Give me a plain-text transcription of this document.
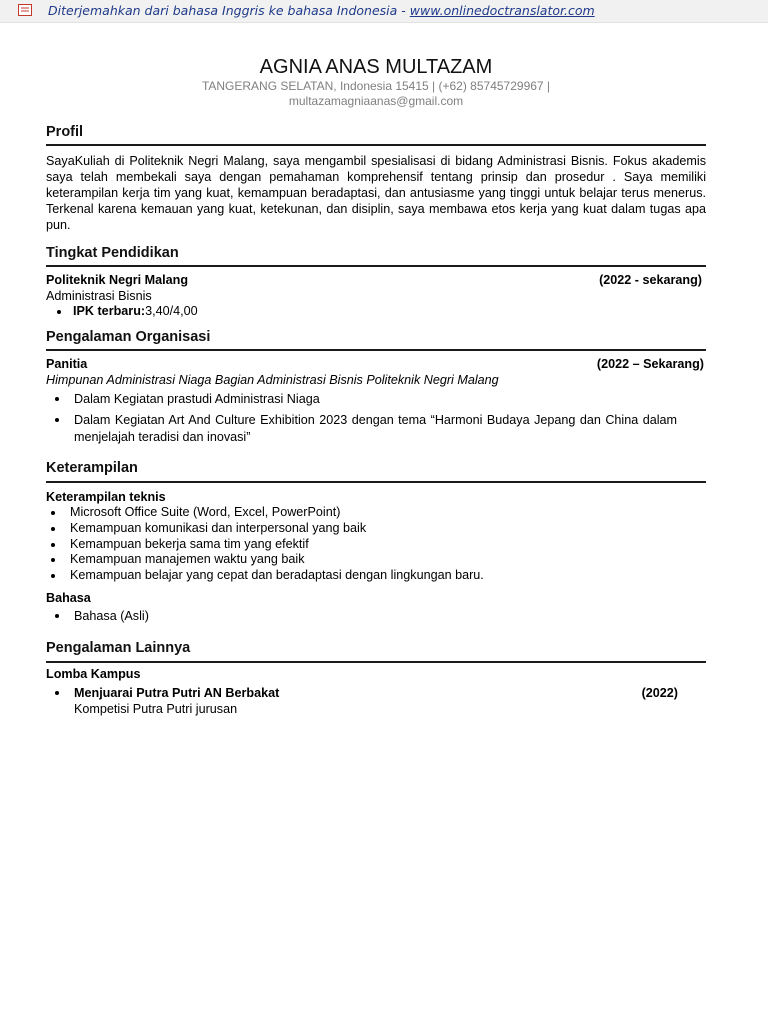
Diterjemahkan dari bahasa Inggris ke bahasa Indonesia - www.onlinedoctranslator.com
AGNIA ANAS MULTAZAM
TANGERANG SELATAN, Indonesia 15415 | (+62) 85745729967 |
multazamagniaanas@gmail.com
Profil
SayaKuliah di Politeknik Negri Malang, saya mengambil spesialisasi di bidang Administrasi Bisnis. Fokus akademis saya telah membekali saya dengan pemahaman komprehensif tentang prinsip dan prosedur . Saya memiliki keterampilan kerja tim yang kuat, kemampuan beradaptasi, dan antusiasme yang tinggi untuk belajar terus menerus. Terkenal karena kemauan yang kuat, ketekunan, dan disiplin, saya membawa etos kerja yang kuat dalam tugas apa pun.
Tingkat Pendidikan
Politeknik Negri Malang	(2022 - sekarang)
Administrasi Bisnis
IPK terbaru:3,40/4,00
Pengalaman Organisasi
Panitia	(2022 – Sekarang)
Himpunan Administrasi Niaga Bagian Administrasi Bisnis Politeknik Negri Malang
Dalam Kegiatan prastudi Administrasi Niaga
Dalam Kegiatan Art And Culture Exhibition 2023 dengan tema “Harmoni Budaya Jepang dan China dalam menjelajah teradisi dan inovasi”
Keterampilan
Keterampilan teknis
Microsoft Office Suite (Word, Excel, PowerPoint)
Kemampuan komunikasi dan interpersonal yang baik
Kemampuan bekerja sama tim yang efektif
Kemampuan manajemen waktu yang baik
Kemampuan belajar yang cepat dan beradaptasi dengan lingkungan baru.
Bahasa
Bahasa (Asli)
Pengalaman Lainnya
Lomba Kampus
Menjuarai Putra Putri AN Berbakat	(2022)
Kompetisi Putra Putri jurusan
